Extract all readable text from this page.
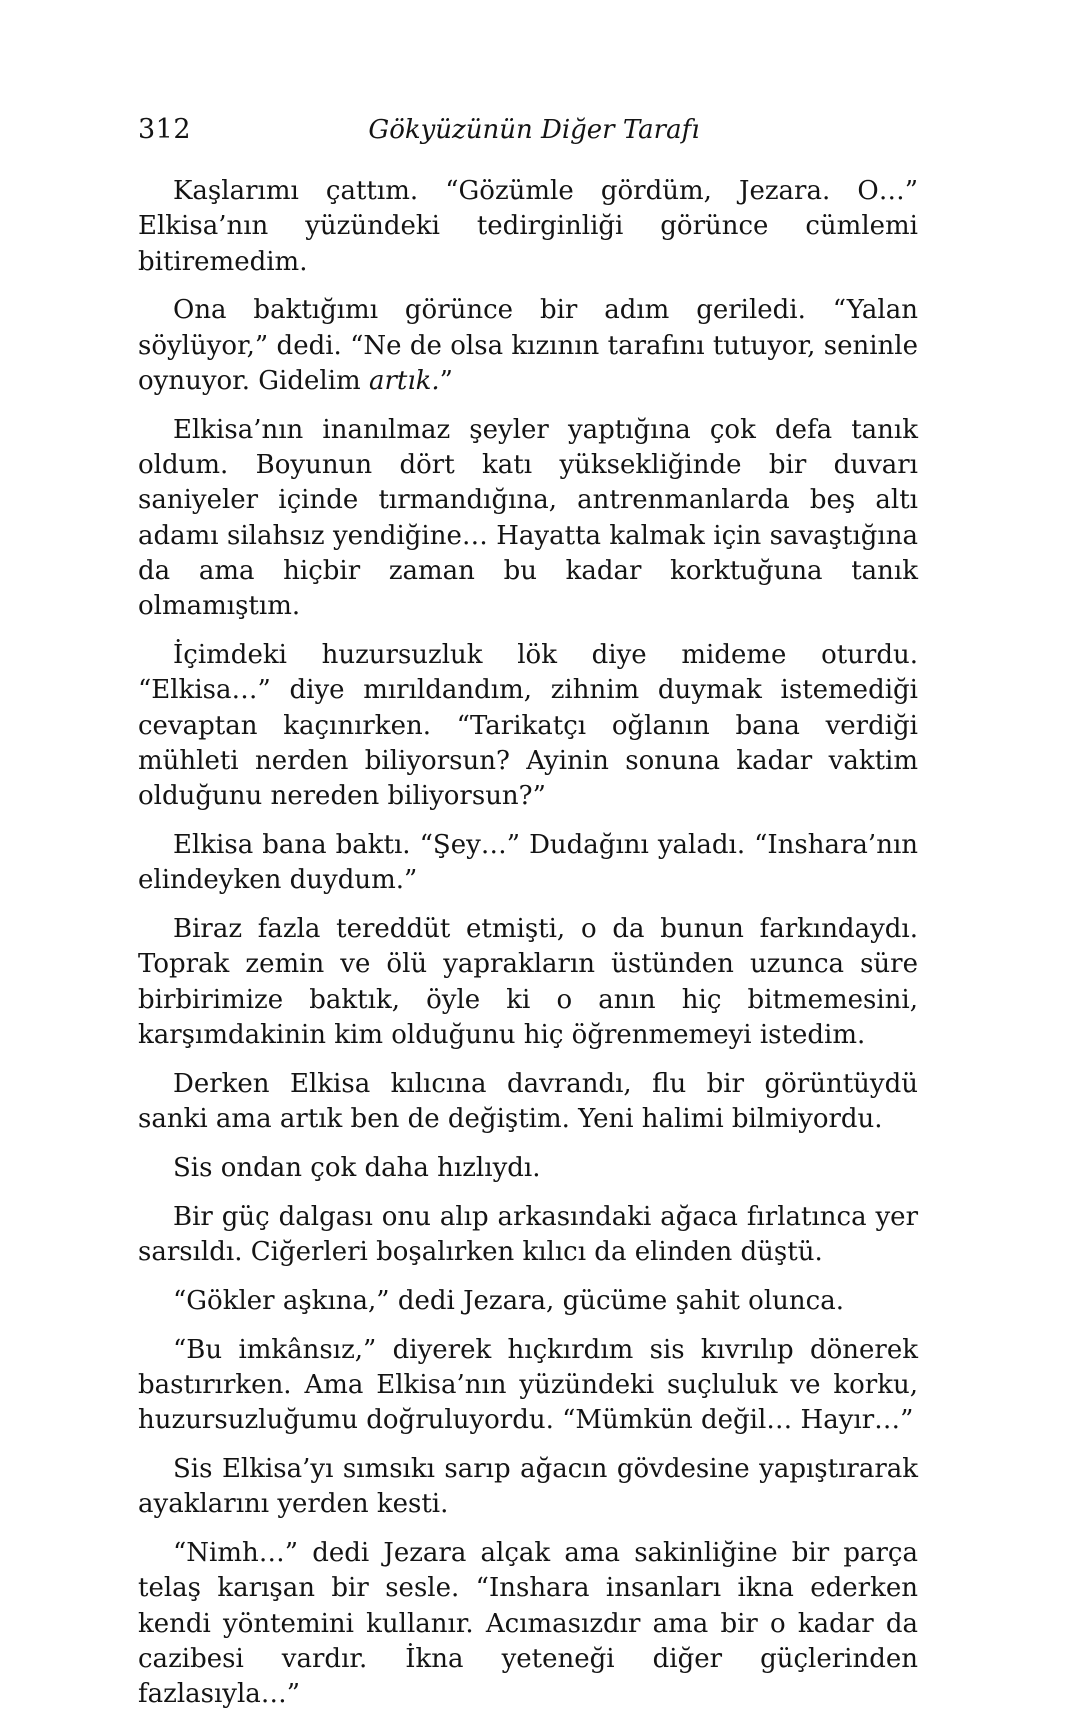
312	Gökyüzünün Diğer Tarafı

Kaşlarımı çattım. “Gözümle gördüm, Jezara. O…” Elkisa’nın yüzündeki tedirginliği görünce cümlemi bitiremedim.

Ona baktığımı görünce bir adım geriledi. “Yalan söylüyor,” dedi. “Ne de olsa kızının tarafını tutuyor, seninle oynuyor. Gidelim artık.”

Elkisa’nın inanılmaz şeyler yaptığına çok defa tanık oldum. Boyunun dört katı yüksekliğinde bir duvarı saniyeler içinde tırmandığına, antrenmanlarda beş altı adamı silahsız yendiğine… Hayatta kalmak için savaştığına da ama hiçbir zaman bu kadar korktuğuna tanık olmamıştım.

İçimdeki huzursuzluk lök diye mideme oturdu. “Elkisa…” diye mırıldandım, zihnim duymak istemediği cevaptan kaçınırken. “Tarikatçı oğlanın bana verdiği mühleti nerden biliyorsun? Ayinin sonuna kadar vaktim olduğunu nereden biliyorsun?”

Elkisa bana baktı. “Şey…” Dudağını yaladı. “Inshara’nın elindeyken duydum.”

Biraz fazla tereddüt etmişti, o da bunun farkındaydı. Toprak zemin ve ölü yaprakların üstünden uzunca süre birbirimize baktık, öyle ki o anın hiç bitmemesini, karşımdakinin kim olduğunu hiç öğrenmemeyi istedim.

Derken Elkisa kılıcına davrandı, flu bir görüntüydü sanki ama artık ben de değiştim. Yeni halimi bilmiyordu.

Sis ondan çok daha hızlıydı.

Bir güç dalgası onu alıp arkasındaki ağaca fırlatınca yer sarsıldı. Ciğerleri boşalırken kılıcı da elinden düştü.

“Gökler aşkına,” dedi Jezara, gücüme şahit olunca.

“Bu imkânsız,” diyerek hıçkırdım sis kıvrılıp dönerek bastırırken. Ama Elkisa’nın yüzündeki suçluluk ve korku, huzursuzluğumu doğruluyordu. “Mümkün değil… Hayır…”

Sis Elkisa’yı sımsıkı sarıp ağacın gövdesine yapıştırarak ayaklarını yerden kesti.

“Nimh…” dedi Jezara alçak ama sakinliğine bir parça telaş karışan bir sesle. “Inshara insanları ikna ederken kendi yöntemini kullanır. Acımasızdır ama bir o kadar da cazibesi vardır. İkna yeteneği diğer güçlerinden fazlasıyla…”
